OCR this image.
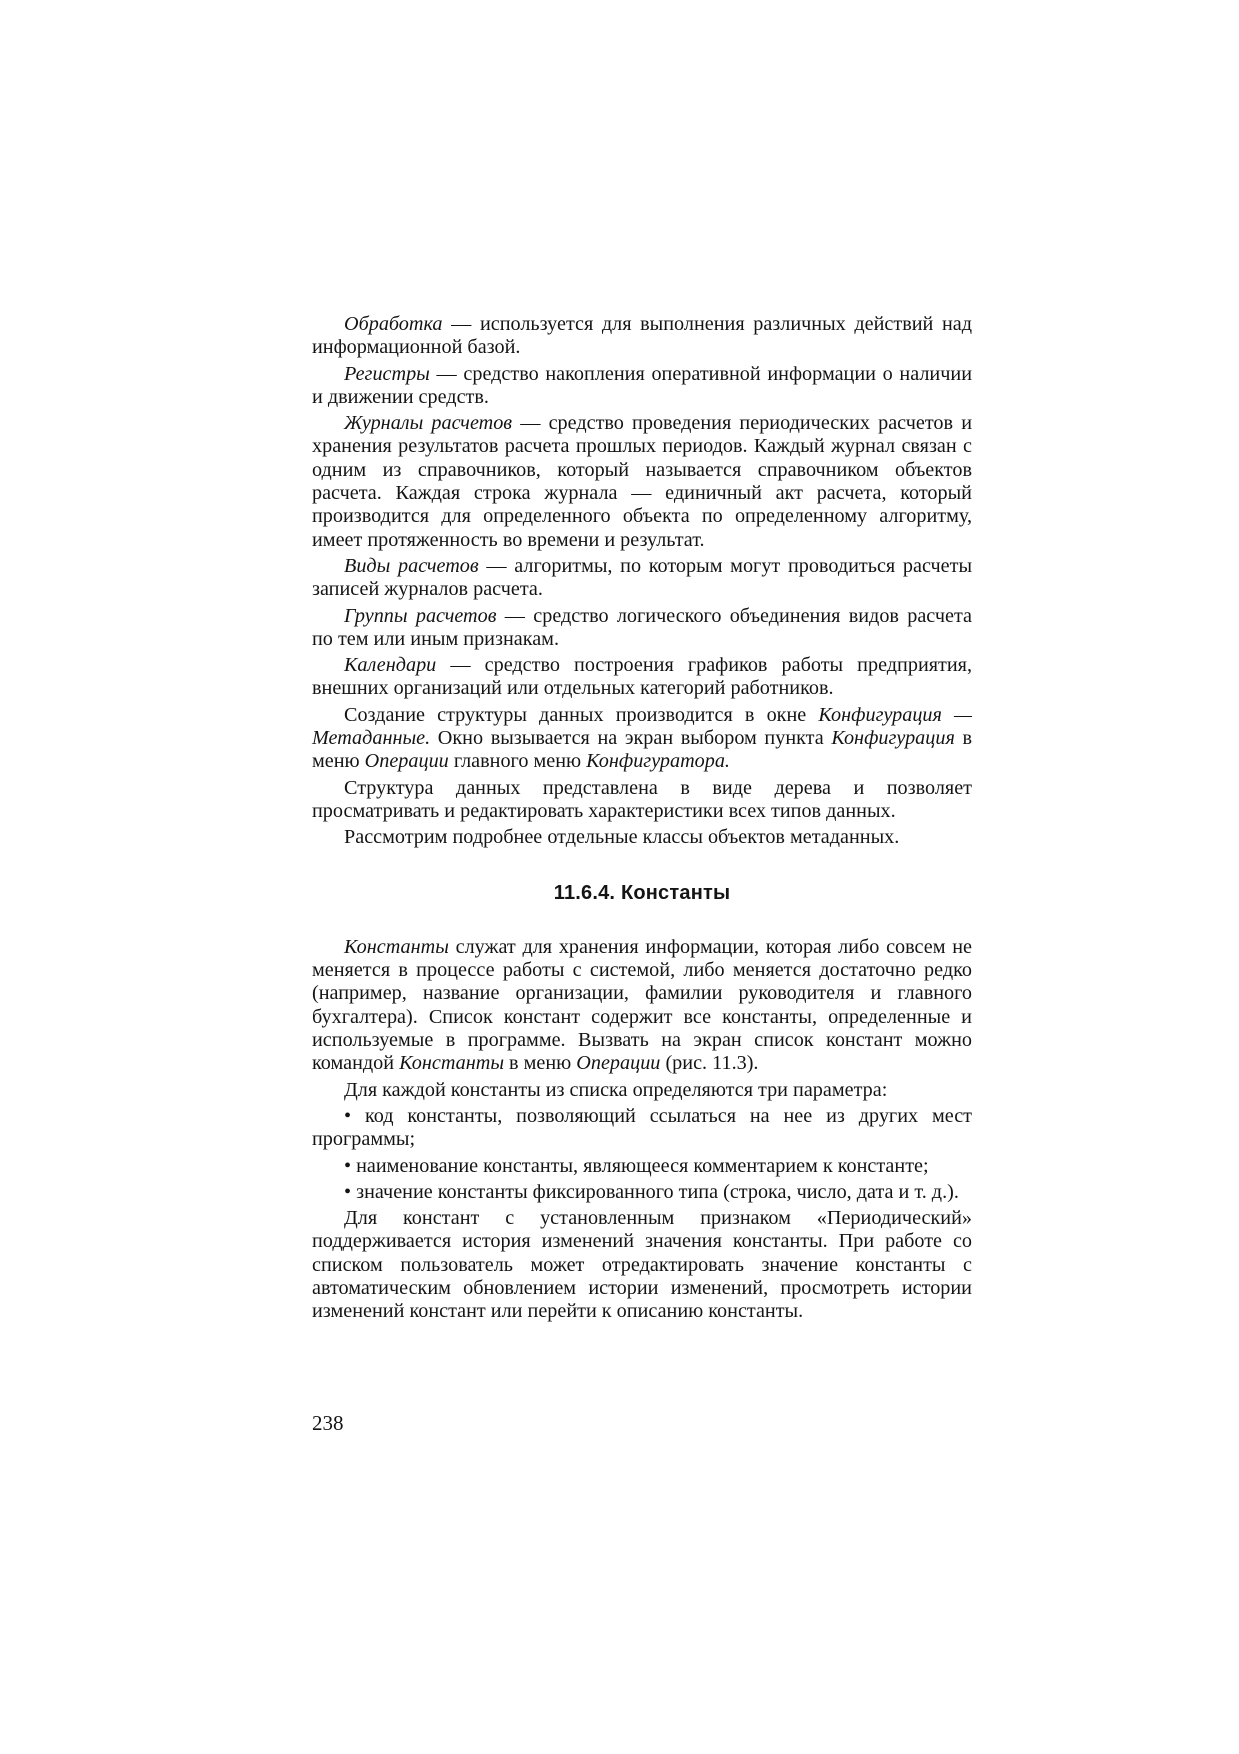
Обработка — используется для выполнения различных действий над информационной базой.

Регистры — средство накопления оперативной информации о наличии и движении средств.

Журналы расчетов — средство проведения периодических расчетов и хранения результатов расчета прошлых периодов. Каждый журнал связан с одним из справочников, который называется справочником объектов расчета. Каждая строка журнала — единичный акт расчета, который производится для определенного объекта по определенному алгоритму, имеет протяженность во времени и результат.

Виды расчетов — алгоритмы, по которым могут проводиться расчеты записей журналов расчета.

Группы расчетов — средство логического объединения видов расчета по тем или иным признакам.

Календари — средство построения графиков работы предприятия, внешних организаций или отдельных категорий работников.

Создание структуры данных производится в окне Конфигурация — Метаданные. Окно вызывается на экран выбором пункта Конфигурация в меню Операции главного меню Конфигуратора.

Структура данных представлена в виде дерева и позволяет просматривать и редактировать характеристики всех типов данных.

Рассмотрим подробнее отдельные классы объектов метаданных.

11.6.4. Константы

Константы служат для хранения информации, которая либо совсем не меняется в процессе работы с системой, либо меняется достаточно редко (например, название организации, фамилии руководителя и главного бухгалтера). Список констант содержит все константы, определенные и используемые в программе. Вызвать на экран список констант можно командой Константы в меню Операции (рис. 11.3).

Для каждой константы из списка определяются три параметра:

• код константы, позволяющий ссылаться на нее из других мест программы;

• наименование константы, являющееся комментарием к константе;

• значение константы фиксированного типа (строка, число, дата и т. д.).

Для констант с установленным признаком «Периодический» поддерживается история изменений значения константы. При работе со списком пользователь может отредактировать значение константы с автоматическим обновлением истории изменений, просмотреть истории изменений констант или перейти к описанию константы.

238
